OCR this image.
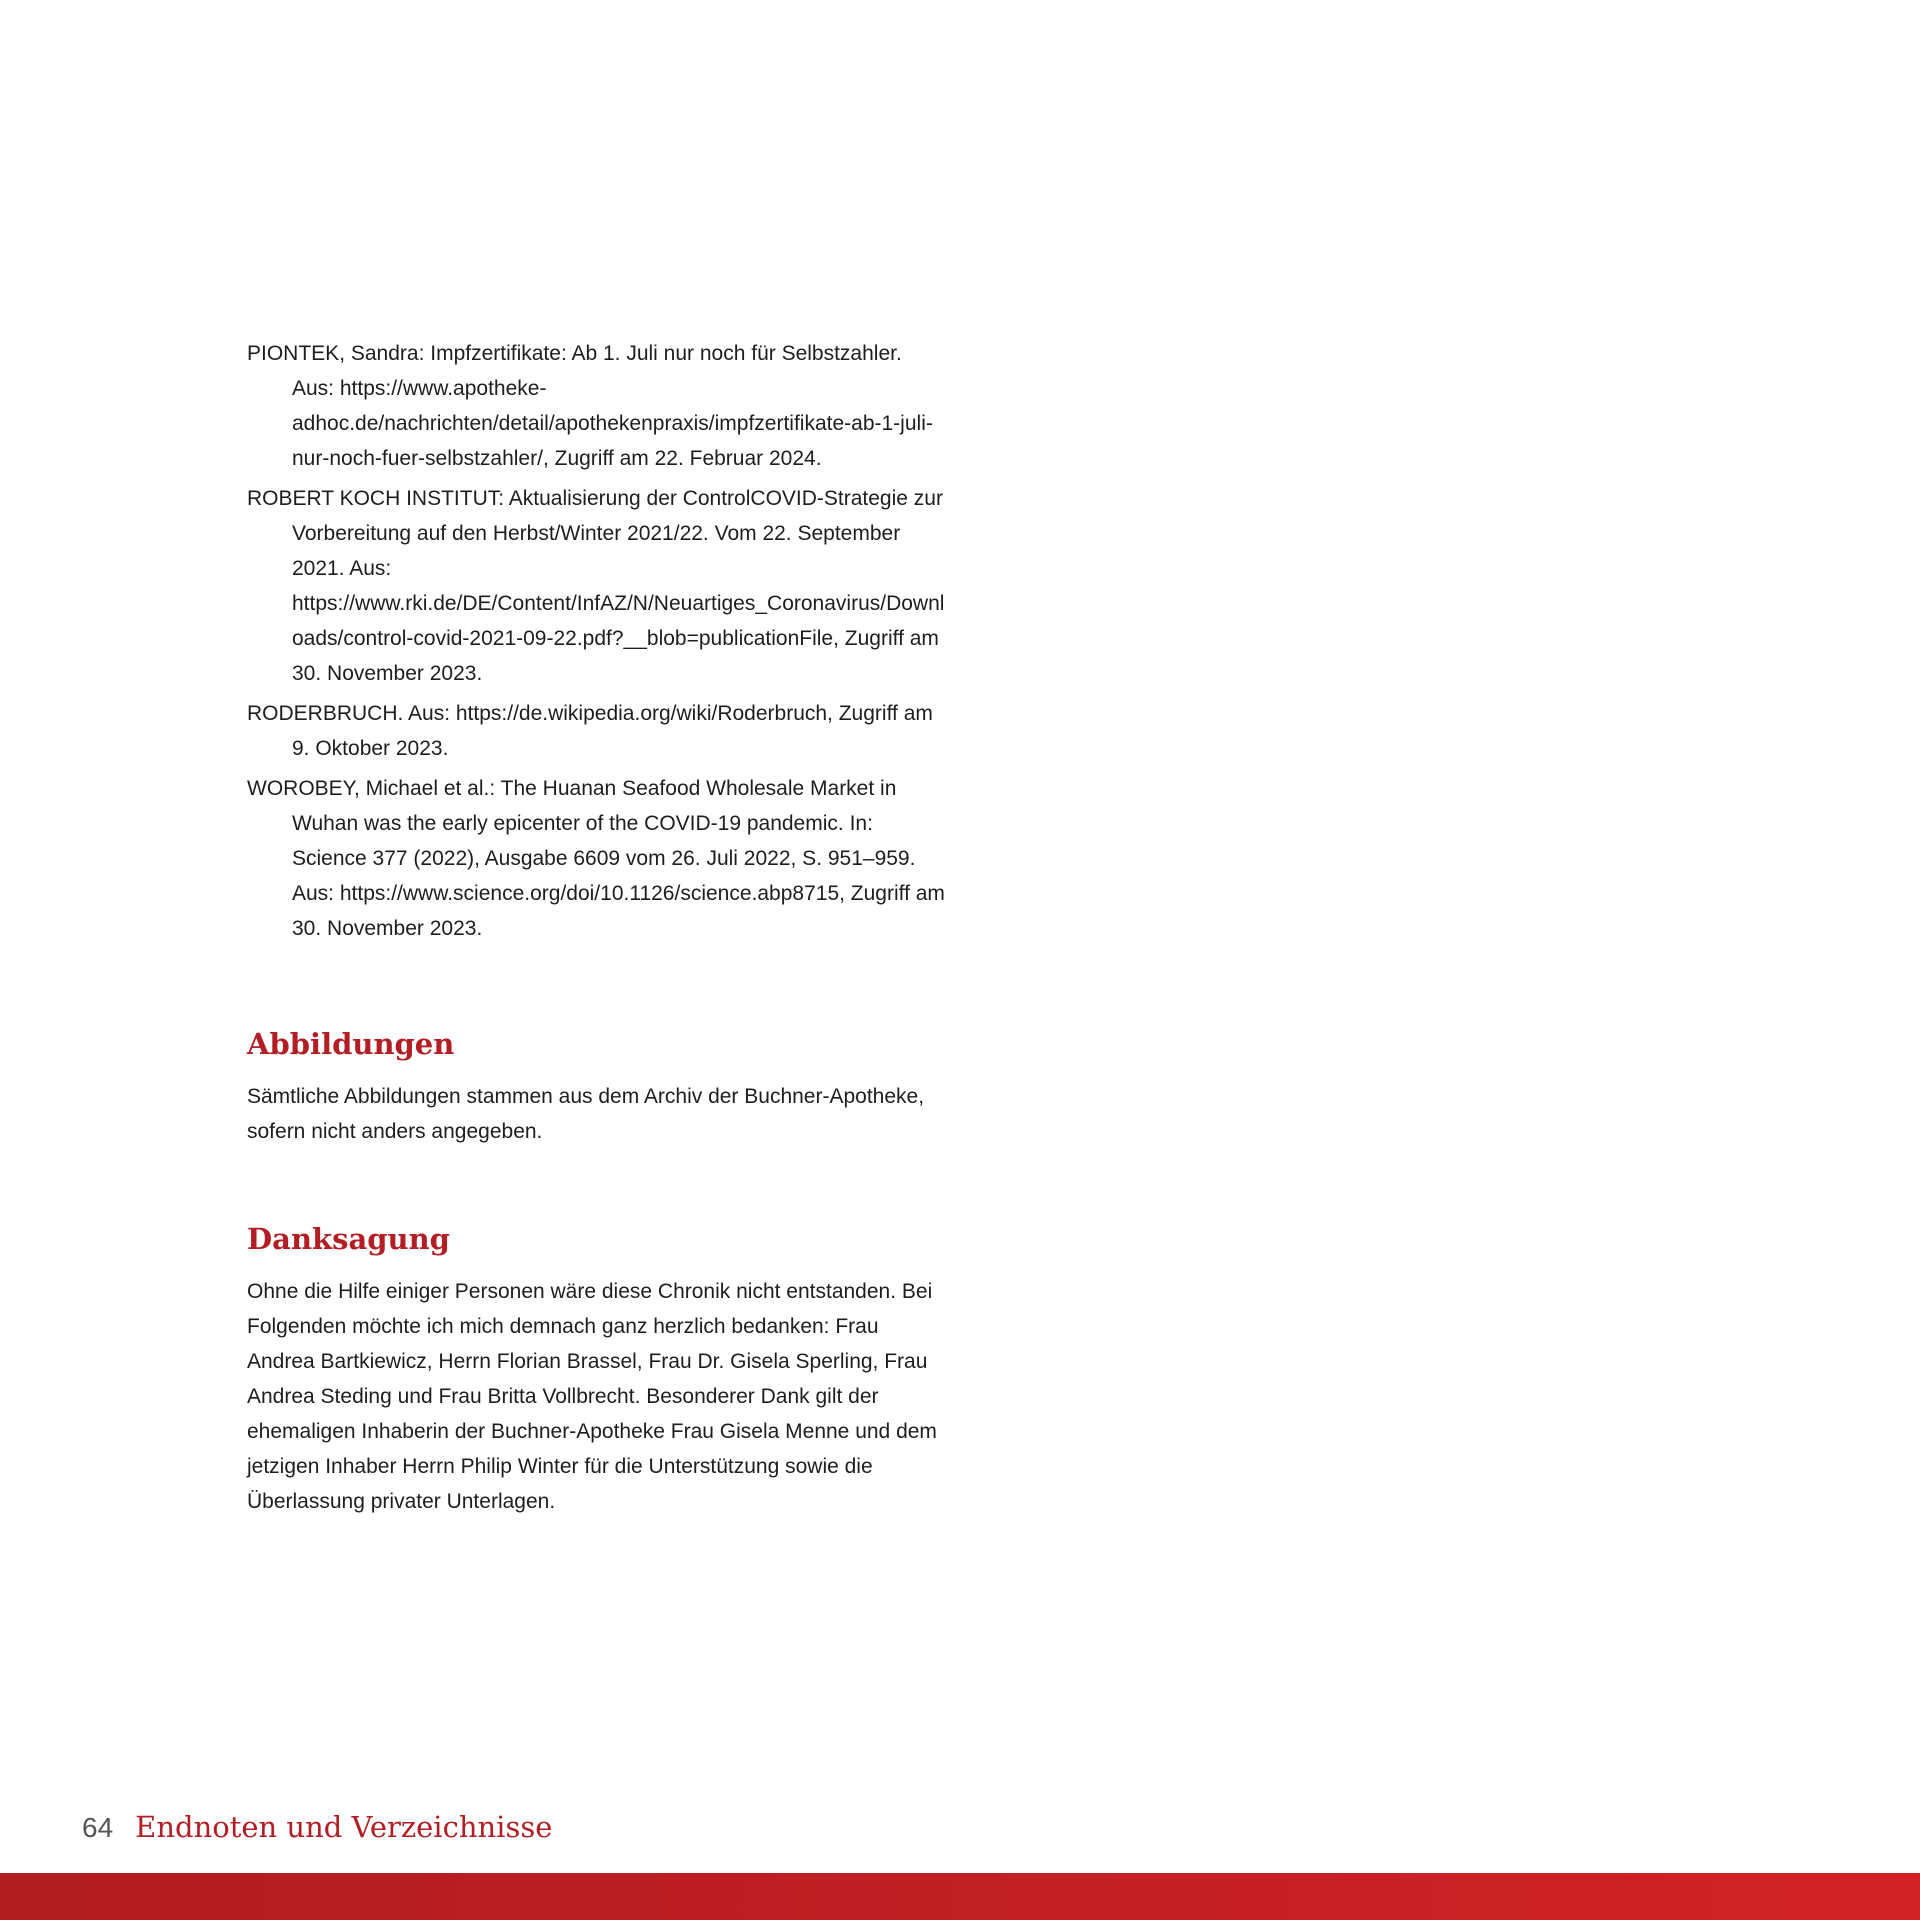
PIONTEK, Sandra: Impfzertifikate: Ab 1. Juli nur noch für Selbstzahler. Aus: https://www.apotheke-adhoc.de/nachrichten/detail/apothekenpraxis/impfzertifikate-ab-1-juli-nur-noch-fuer-selbstzahler/, Zugriff am 22. Februar 2024.
ROBERT KOCH INSTITUT: Aktualisierung der ControlCOVID-Strategie zur Vorbereitung auf den Herbst/Winter 2021/22. Vom 22. September 2021. Aus: https://www.rki.de/DE/Content/InfAZ/N/Neuartiges_Coronavirus/Downloads/control-covid-2021-09-22.pdf?__blob=publicationFile, Zugriff am 30. November 2023.
RODERBRUCH. Aus: https://de.wikipedia.org/wiki/Roderbruch, Zugriff am 9. Oktober 2023.
WOROBEY, Michael et al.: The Huanan Seafood Wholesale Market in Wuhan was the early epicenter of the COVID-19 pandemic. In: Science 377 (2022), Ausgabe 6609 vom 26. Juli 2022, S. 951–959. Aus: https://www.science.org/doi/10.1126/science.abp8715, Zugriff am 30. November 2023.
Abbildungen

Sämtliche Abbildungen stammen aus dem Archiv der Buchner-Apotheke, sofern nicht anders angegeben.

Danksagung

Ohne die Hilfe einiger Personen wäre diese Chronik nicht entstanden. Bei Folgenden möchte ich mich demnach ganz herzlich bedanken: Frau Andrea Bartkiewicz, Herrn Florian Brassel, Frau Dr. Gisela Sperling, Frau Andrea Steding und Frau Britta Vollbrecht. Besonderer Dank gilt der ehemaligen Inhaberin der Buchner-Apotheke Frau Gisela Menne und dem jetzigen Inhaber Herrn Philip Winter für die Unterstützung sowie die Überlassung privater Unterlagen.

64 Endnoten und Verzeichnisse
